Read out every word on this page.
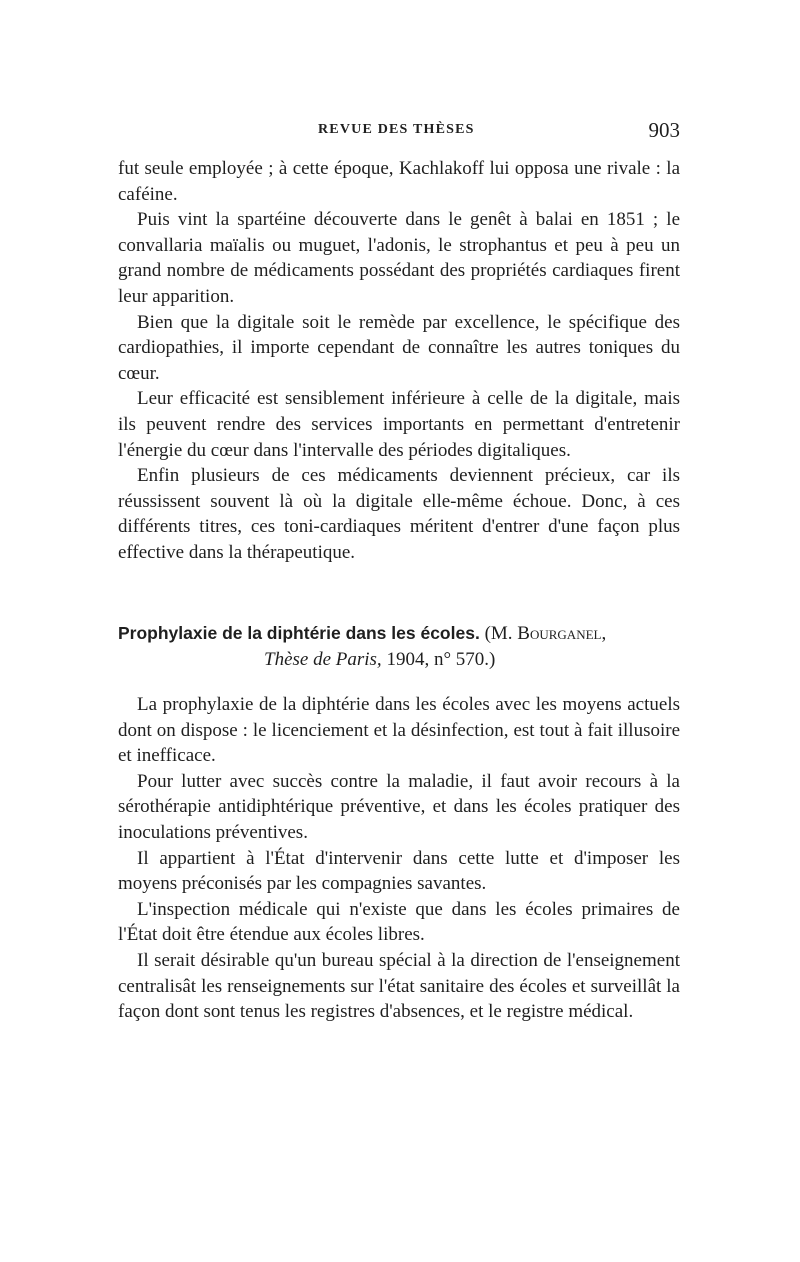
REVUE DES THÈSES	903

fut seule employée ; à cette époque, Kachlakoff lui opposa une rivale : la caféine.

Puis vint la spartéine découverte dans le genêt à balai en 1851 ; le convallaria maïalis ou muguet, l'adonis, le strophantus et peu à peu un grand nombre de médicaments possédant des propriétés cardiaques firent leur apparition.

Bien que la digitale soit le remède par excellence, le spécifique des cardiopathies, il importe cependant de connaître les autres toniques du cœur.

Leur efficacité est sensiblement inférieure à celle de la digitale, mais ils peuvent rendre des services importants en permettant d'entretenir l'énergie du cœur dans l'intervalle des périodes digitaliques.

Enfin plusieurs de ces médicaments deviennent précieux, car ils réussissent souvent là où la digitale elle-même échoue. Donc, à ces différents titres, ces toni-cardiaques méritent d'entrer d'une façon plus effective dans la thérapeutique.

Prophylaxie de la diphtérie dans les écoles. (M. Bourganel,
Thèse de Paris, 1904, n° 570.)

La prophylaxie de la diphtérie dans les écoles avec les moyens actuels dont on dispose : le licenciement et la désinfection, est tout à fait illusoire et inefficace.

Pour lutter avec succès contre la maladie, il faut avoir recours à la sérothérapie antidiphtérique préventive, et dans les écoles pratiquer des inoculations préventives.

Il appartient à l'État d'intervenir dans cette lutte et d'imposer les moyens préconisés par les compagnies savantes.

L'inspection médicale qui n'existe que dans les écoles primaires de l'État doit être étendue aux écoles libres.

Il serait désirable qu'un bureau spécial à la direction de l'enseignement centralisât les renseignements sur l'état sanitaire des écoles et surveillât la façon dont sont tenus les registres d'absences, et le registre médical.
